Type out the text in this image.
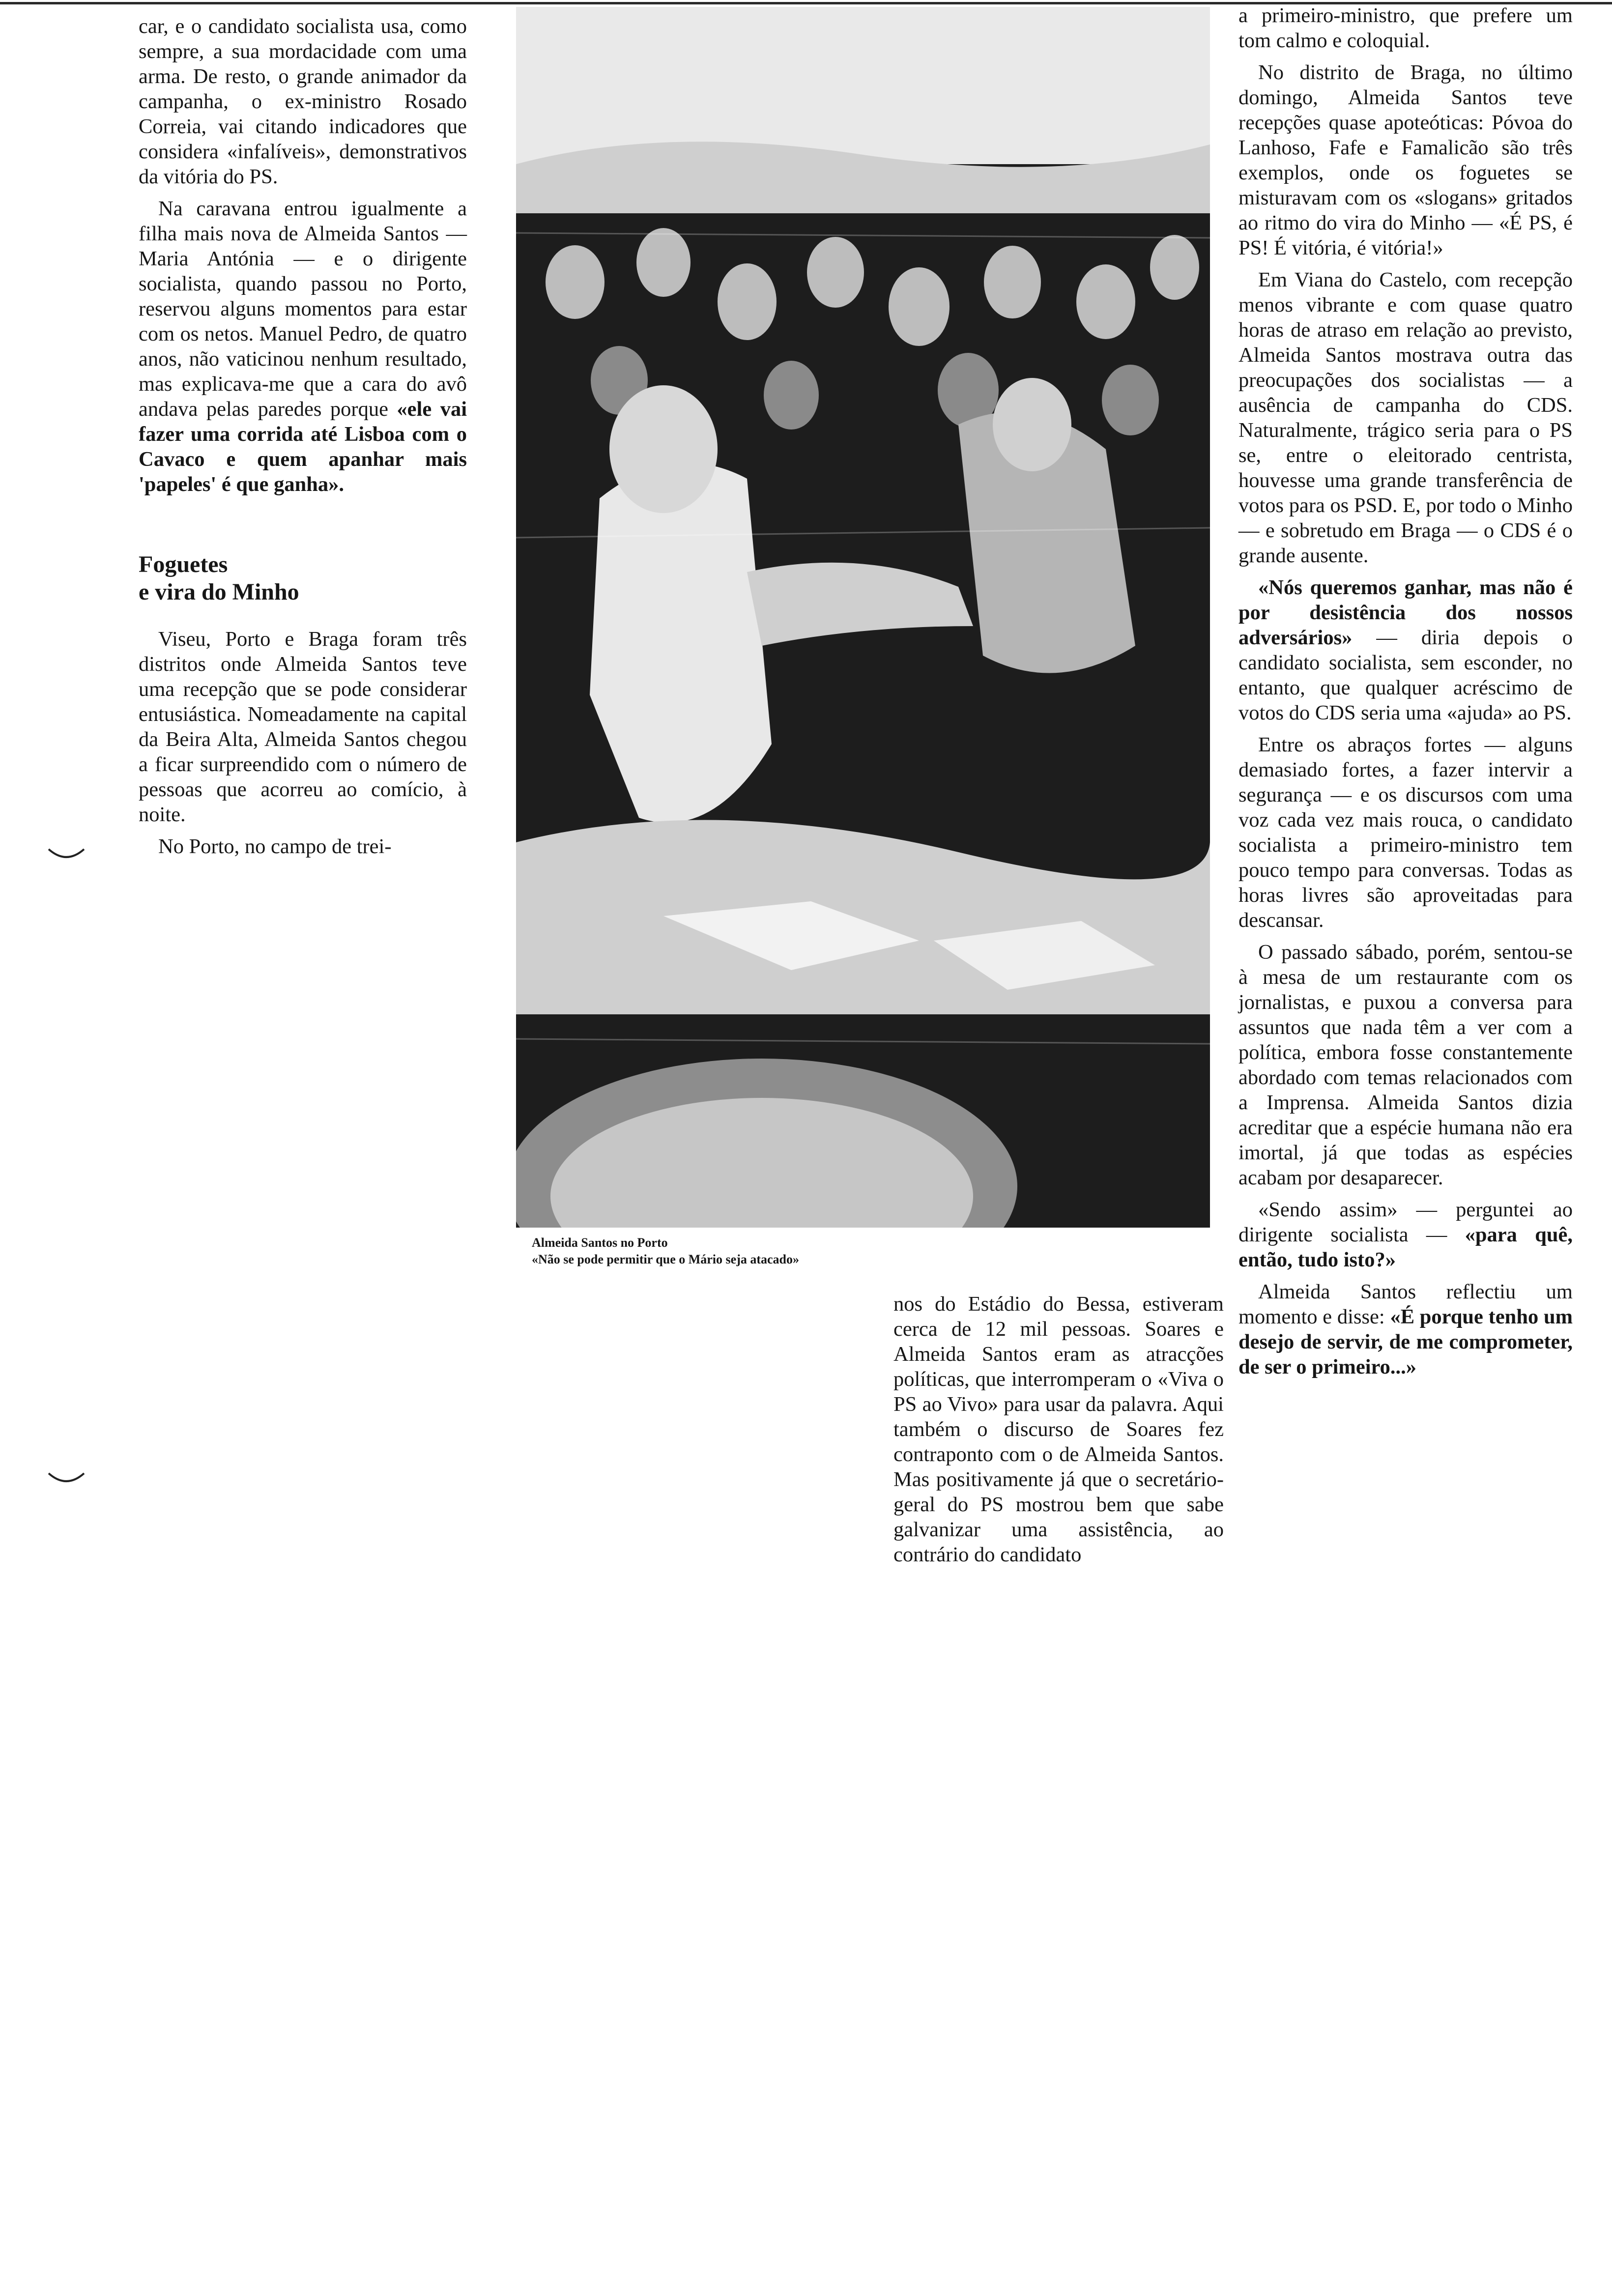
car, e o candidato socialista usa, como sempre, a sua mordacidade com uma arma. De resto, o grande animador da campanha, o ex-ministro Rosado Correia, vai citando indicadores que considera «infalíveis», demonstrativos da vitória do PS.

Na caravana entrou igualmente a filha mais nova de Almeida Santos — Maria Antónia — e o dirigente socialista, quando passou no Porto, reservou alguns momentos para estar com os netos. Manuel Pedro, de quatro anos, não vaticinou nenhum resultado, mas explicava-me que a cara do avô andava pelas paredes porque «ele vai fazer uma corrida até Lisboa com o Cavaco e quem apanhar mais 'papeles' é que ganha».

Foguetes
e vira do Minho

Viseu, Porto e Braga foram três distritos onde Almeida Santos teve uma recepção que se pode considerar entusiástica. Nomeadamente na capital da Beira Alta, Almeida Santos chegou a ficar surpreendido com o número de pessoas que acorreu ao comício, à noite.

No Porto, no campo de trei-

Almeida Santos no Porto
«Não se pode permitir que o Mário seja atacado»

nos do Estádio do Bessa, estiveram cerca de 12 mil pessoas. Soares e Almeida Santos eram as atracções políticas, que interromperam o «Viva o PS ao Vivo» para usar da palavra. Aqui também o discurso de Soares fez contraponto com o de Almeida Santos. Mas positivamente já que o secretário-geral do PS mostrou bem que sabe galvanizar uma assistência, ao contrário do candidato

a primeiro-ministro, que prefere um tom calmo e coloquial.

No distrito de Braga, no último domingo, Almeida Santos teve recepções quase apoteóticas: Póvoa do Lanhoso, Fafe e Famalicão são três exemplos, onde os foguetes se misturavam com os «slogans» gritados ao ritmo do vira do Minho — «É PS, é PS! É vitória, é vitória!»

Em Viana do Castelo, com recepção menos vibrante e com quase quatro horas de atraso em relação ao previsto, Almeida Santos mostrava outra das preocupações dos socialistas — a ausência de campanha do CDS. Naturalmente, trágico seria para o PS se, entre o eleitorado centrista, houvesse uma grande transferência de votos para os PSD. E, por todo o Minho — e sobretudo em Braga — o CDS é o grande ausente.

«Nós queremos ganhar, mas não é por desistência dos nossos adversários» — diria depois o candidato socialista, sem esconder, no entanto, que qualquer acréscimo de votos do CDS seria uma «ajuda» ao PS.

Entre os abraços fortes — alguns demasiado fortes, a fazer intervir a segurança — e os discursos com uma voz cada vez mais rouca, o candidato socialista a primeiro-ministro tem pouco tempo para conversas. Todas as horas livres são aproveitadas para descansar.

O passado sábado, porém, sentou-se à mesa de um restaurante com os jornalistas, e puxou a conversa para assuntos que nada têm a ver com a política, embora fosse constantemente abordado com temas relacionados com a Imprensa. Almeida Santos dizia acreditar que a espécie humana não era imortal, já que todas as espécies acabam por desaparecer.

«Sendo assim» — perguntei ao dirigente socialista — «para quê, então, tudo isto?»

Almeida Santos reflectiu um momento e disse: «É porque tenho um desejo de servir, de me comprometer, de ser o primeiro...»
